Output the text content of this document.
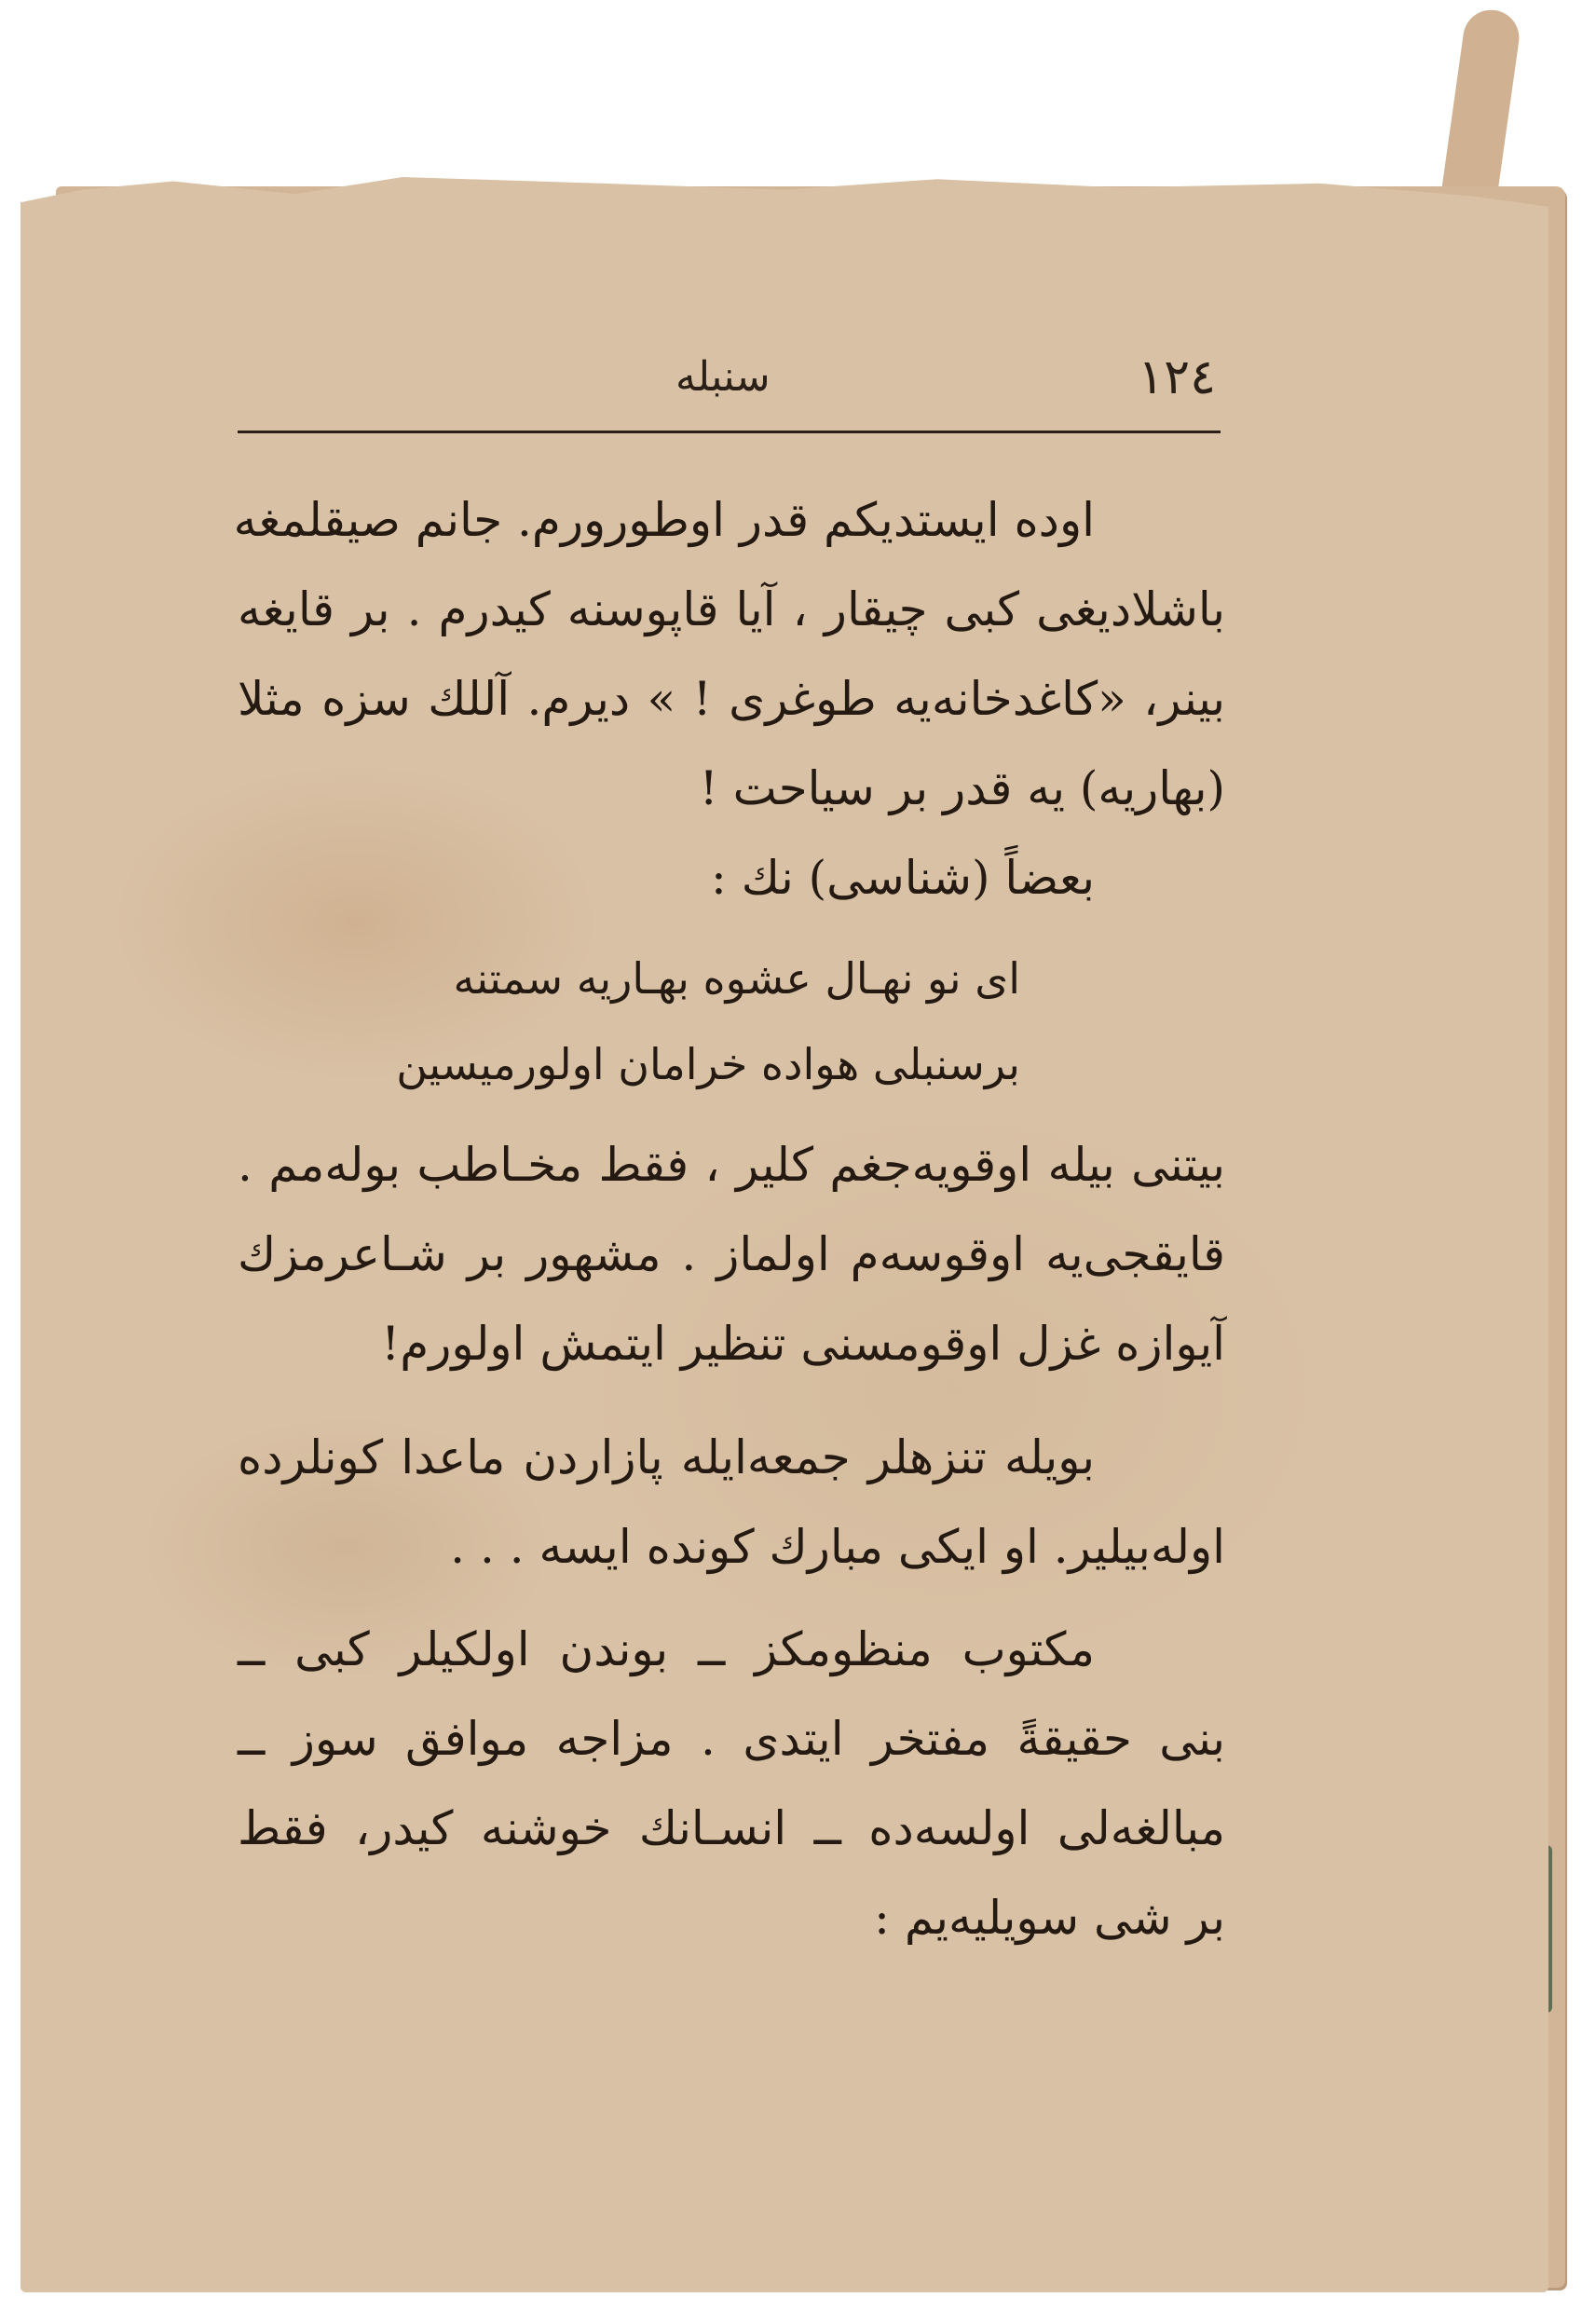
١٢٤
سنبله
اوده ایستدیکم قدر اوطورورم. جانم صیقلمغه
باشلادیغی کبی چیقار ، آیا قاپوسنه کیدرم . بر قایغه
بینر، «کاغدخانه‌یه طوغری ! » دیرم. آللك سزه مثلا
(بهاریه) یه قدر بر سیاحت !
بعضاً (شناسی) نك :
ای نو نهـال عشوه بهـاریه سمتنه
برسنبلی هواده خرامان اولورمیسین
بیتنی بیله اوقویه‌جغم کلیر ، فقط مخـاطب بوله‌مم .
قایقجی‌یه اوقوسه‌م اولماز . مشهور بر شـاعرمزك
آیوازه غزل اوقومسنی تنظیر ایتمش اولورم!
بویله تنزهلر جمعه‌ایله پازاردن ماعدا کونلرده
اوله‌بیلیر. او ایکی مبارك کونده ایسه . . .
مکتوب منظومکز ــ بوندن اولکیلر کبی ــ
بنی حقیقةً مفتخر ایتدی . مزاجه موافق سوز ــ
مبالغه‌لی اولسه‌ده ــ انسـانك خوشنه کیدر، فقط
بر شی سویلیه‌یم :
